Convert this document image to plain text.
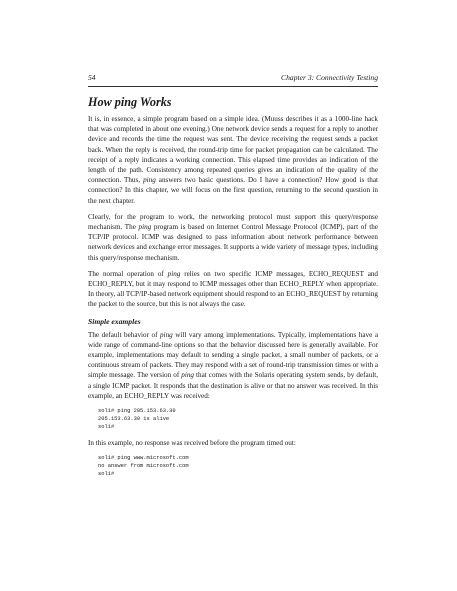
54	Chapter 3: Connectivity Testing
How ping Works

It is, in essence, a simple program based on a simple idea. (Muuss describes it as a 1000-line hack that was completed in about one evening.) One network device sends a request for a reply to another device and records the time the request was sent. The device receiving the request sends a packet back. When the reply is received, the round-trip time for packet propagation can be calculated. The receipt of a reply indicates a working connection. This elapsed time provides an indication of the length of the path. Consistency among repeated queries gives an indication of the quality of the connection. Thus, ping answers two basic questions. Do I have a connection? How good is that connection? In this chapter, we will focus on the first question, returning to the second question in the next chapter.

Clearly, for the program to work, the networking protocol must support this query/response mechanism. The ping program is based on Internet Control Message Protocol (ICMP), part of the TCP/IP protocol. ICMP was designed to pass information about network performance between network devices and exchange error messages. It supports a wide variety of message types, including this query/response mechanism.

The normal operation of ping relies on two specific ICMP messages, ECHO_REQUEST and ECHO_REPLY, but it may respond to ICMP messages other than ECHO_REPLY when appropriate. In theory, all TCP/IP-based network equipment should respond to an ECHO_REQUEST by returning the packet to the source, but this is not always the case.

Simple examples

The default behavior of ping will vary among implementations. Typically, implementations have a wide range of command-line options so that the behavior discussed here is generally available. For example, implementations may default to sending a single packet, a small number of packets, or a continuous stream of packets. They may respond with a set of round-trip transmission times or with a simple message. The version of ping that comes with the Solaris operating system sends, by default, a single ICMP packet. It responds that the destination is alive or that no answer was received. In this example, an ECHO_REPLY was received:

sol1# ping 205.153.63.30
205.153.63.30 is alive
sol1#

In this example, no response was received before the program timed out:

sol1# ping www.microsoft.com
no answer from microsoft.com
sol1#
